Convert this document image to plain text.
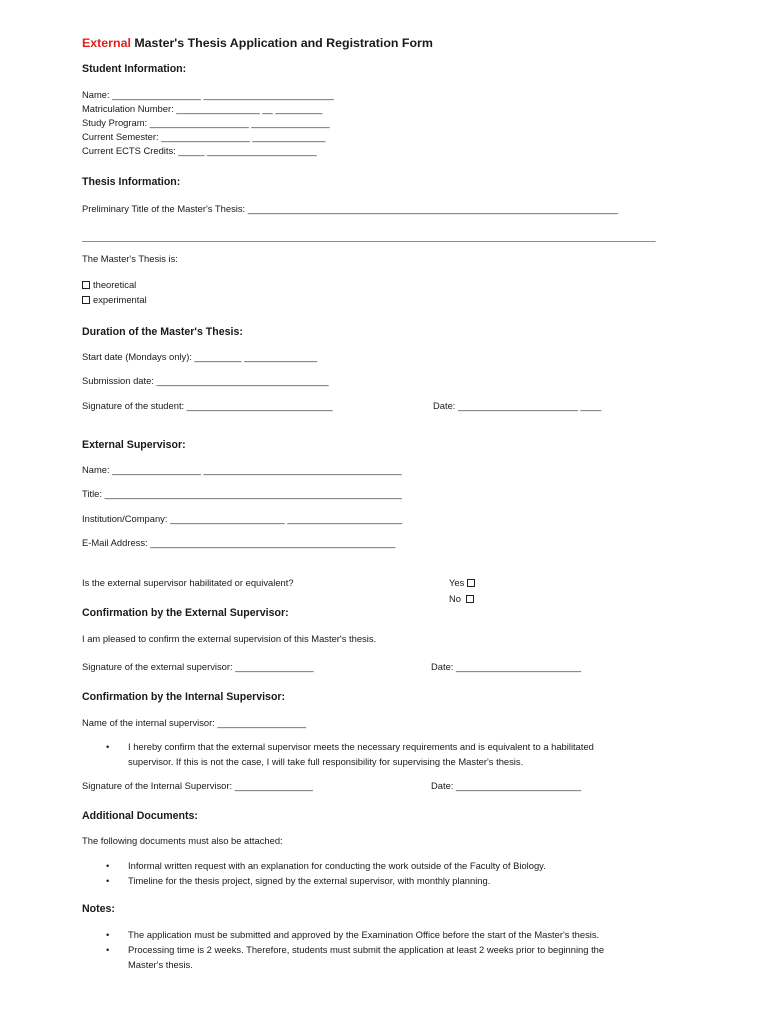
External Master's Thesis Application and Registration Form
Student Information:
Name: _________________ _________________________
Matriculation Number: ________________ __ _________
Study Program: ___________________ _______________
Current Semester: _________________ ______________
Current ECTS Credits: _____ _____________________
Thesis Information:
Preliminary Title of the Master's Thesis: _______________________________________________________________________
______________________________________________________________________________________________________________
The Master's Thesis is:
theoretical
experimental
Duration of the Master's Thesis:
Start date (Mondays only): _________ ______________
Submission date: _________________________________
Signature of the student: ____________________________	Date: _______________________ ____
External Supervisor:
Name: _________________ ______________________________________
Title: _________________________________________________________
Institution/Company: ______________________ ______________________
E-Mail Address: _______________________________________________
Is the external supervisor habilitated or equivalent?	Yes
No
Confirmation by the External Supervisor:
I am pleased to confirm the external supervision of this Master's thesis.
Signature of the external supervisor: _______________	Date: ________________________
Confirmation by the Internal Supervisor:
Name of the internal supervisor: _________________
• I hereby confirm that the external supervisor meets the necessary requirements and is equivalent to a habilitated
supervisor. If this is not the case, I will take full responsibility for supervising the Master's thesis.
Signature of the Internal Supervisor: _______________	Date: ________________________
Additional Documents:
The following documents must also be attached:
• Informal written request with an explanation for conducting the work outside of the Faculty of Biology.
• Timeline for the thesis project, signed by the external supervisor, with monthly planning.
Notes:
• The application must be submitted and approved by the Examination Office before the start of the Master's thesis.
• Processing time is 2 weeks. Therefore, students must submit the application at least 2 weeks prior to beginning the
Master's thesis.
